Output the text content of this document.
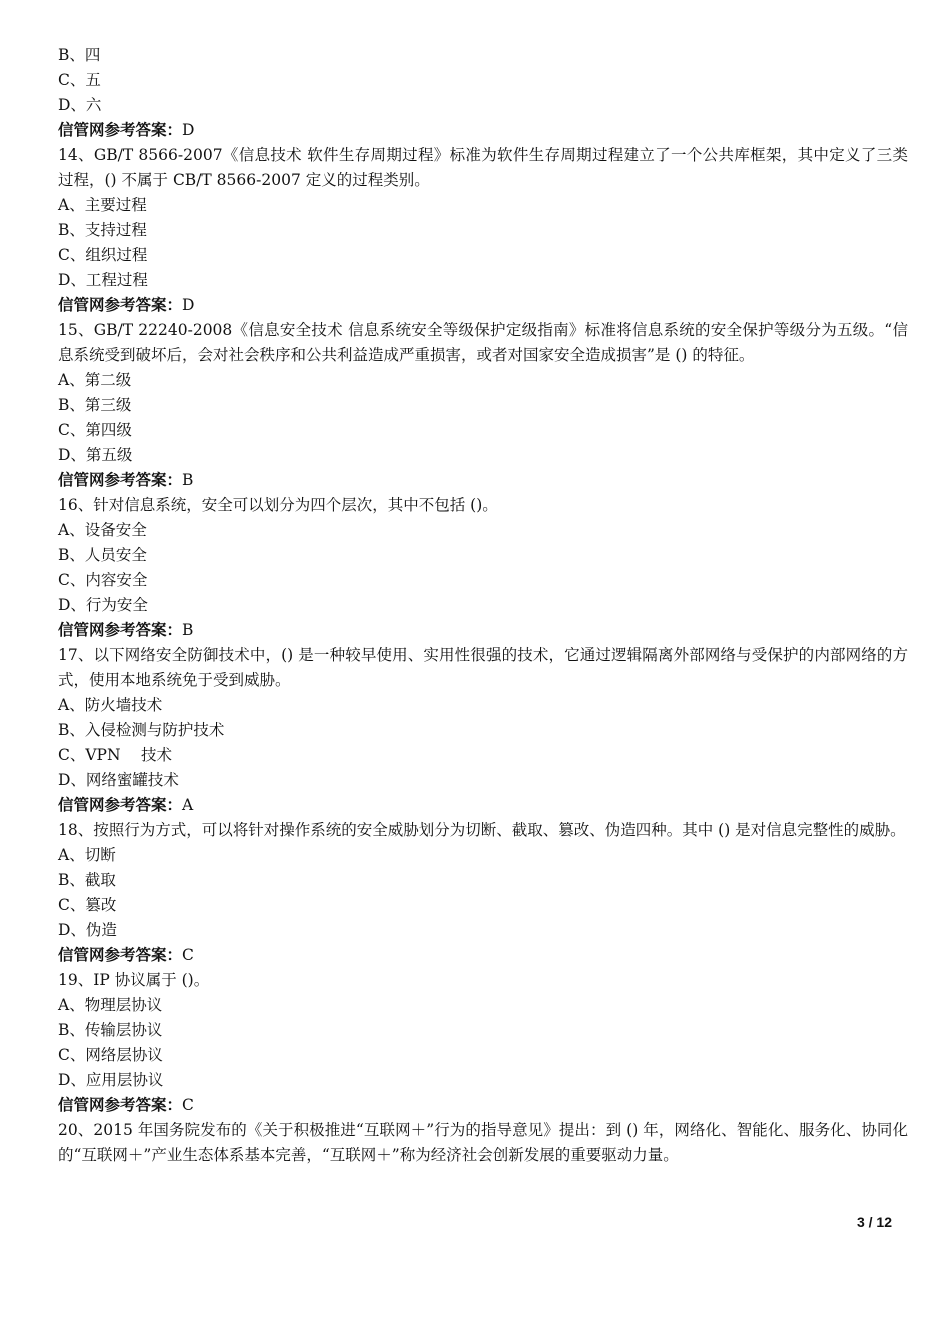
B、四
C、五
D、六
信管网参考答案：D
14、GB/T 8566-2007《信息技术 软件生存周期过程》标准为软件生存周期过程建立了一个公共库框架，其中定义了三类过程，() 不属于 CB/T 8566-2007 定义的过程类别。
A、主要过程
B、支持过程
C、组织过程
D、工程过程
信管网参考答案：D
15、GB/T 22240-2008《信息安全技术 信息系统安全等级保护定级指南》标准将信息系统的安全保护等级分为五级。“信息系统受到破坏后，会对社会秩序和公共利益造成严重损害，或者对国家安全造成损害”是 () 的特征。
A、第二级
B、第三级
C、第四级
D、第五级
信管网参考答案：B
16、针对信息系统，安全可以划分为四个层次，其中不包括 ()。
A、设备安全
B、人员安全
C、内容安全
D、行为安全
信管网参考答案：B
17、以下网络安全防御技术中，() 是一种较早使用、实用性很强的技术，它通过逻辑隔离外部网络与受保护的内部网络的方式，使用本地系统免于受到威胁。
A、防火墙技术
B、入侵检测与防护技术
C、VPN　 技术
D、网络蜜罐技术
信管网参考答案：A
18、按照行为方式，可以将针对操作系统的安全威胁划分为切断、截取、篡改、伪造四种。其中 () 是对信息完整性的威胁。
A、切断
B、截取
C、篡改
D、伪造
信管网参考答案：C
19、IP 协议属于 ()。
A、物理层协议
B、传输层协议
C、网络层协议
D、应用层协议
信管网参考答案：C
20、2015 年国务院发布的《关于积极推进“互联网＋”行为的指导意见》提出：到 () 年，网络化、智能化、服务化、协同化的“互联网＋”产业生态体系基本完善，“互联网＋”称为经济社会创新发展的重要驱动力量。
3 / 12
